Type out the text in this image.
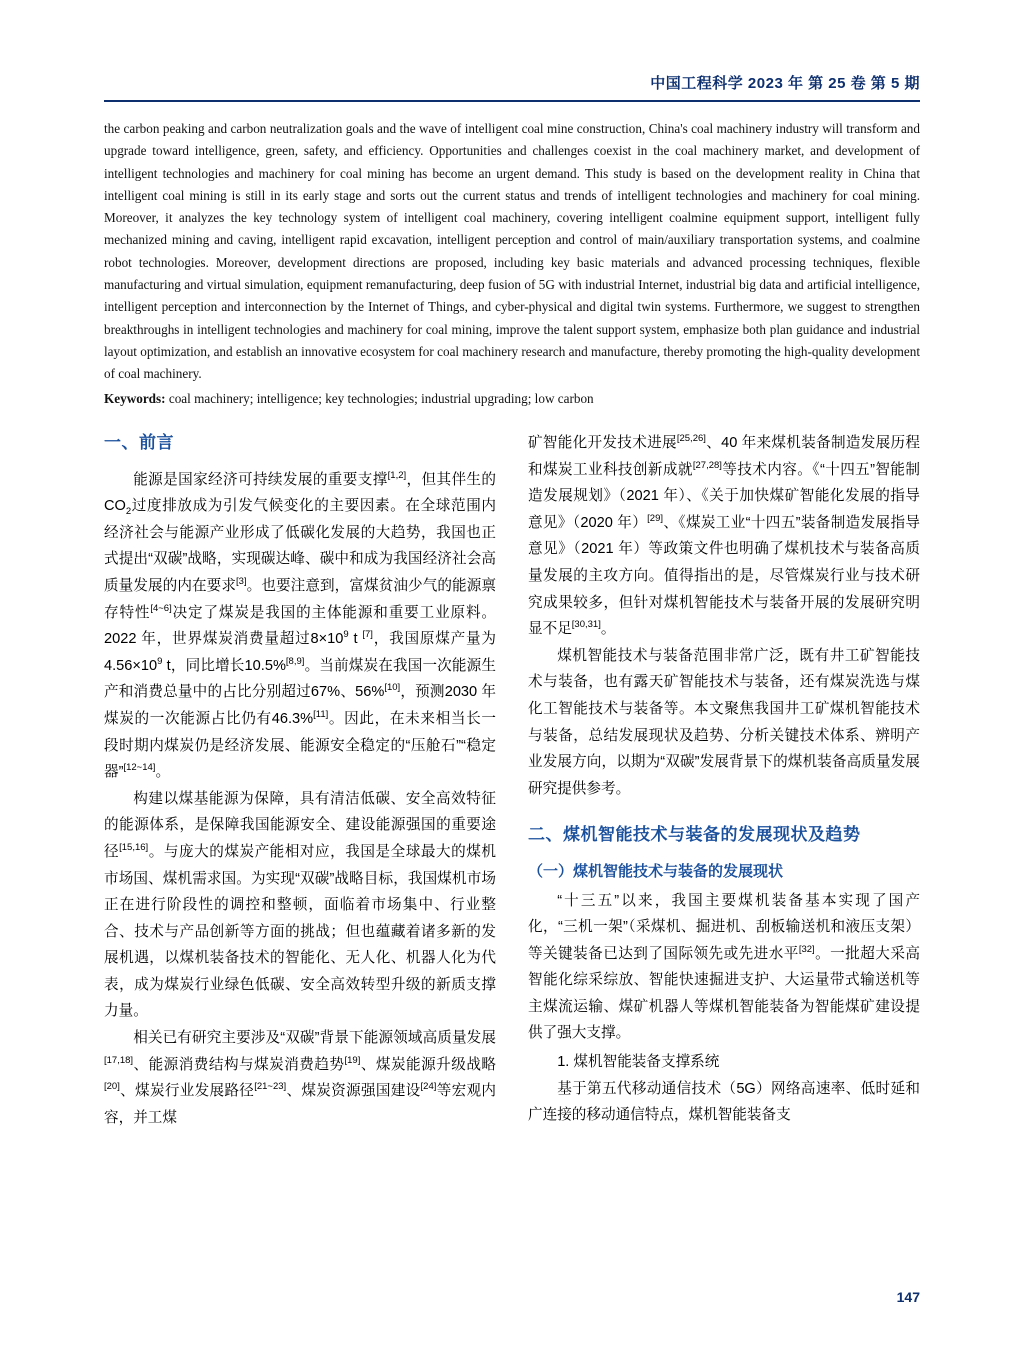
中国工程科学 2023 年 第 25 卷 第 5 期

the carbon peaking and carbon neutralization goals and the wave of intelligent coal mine construction, China's coal machinery industry will transform and upgrade toward intelligence, green, safety, and efficiency. Opportunities and challenges coexist in the coal machinery market, and development of intelligent technologies and machinery for coal mining has become an urgent demand. This study is based on the development reality in China that intelligent coal mining is still in its early stage and sorts out the current status and trends of intelligent technologies and machinery for coal mining. Moreover, it analyzes the key technology system of intelligent coal machinery, covering intelligent coalmine equipment support, intelligent fully mechanized mining and caving, intelligent rapid excavation, intelligent perception and control of main/auxiliary transportation systems, and coalmine robot technologies. Moreover, development directions are proposed, including key basic materials and advanced processing techniques, flexible manufacturing and virtual simulation, equipment remanufacturing, deep fusion of 5G with industrial Internet, industrial big data and artificial intelligence, intelligent perception and interconnection by the Internet of Things, and cyber-physical and digital twin systems. Furthermore, we suggest to strengthen breakthroughs in intelligent technologies and machinery for coal mining, improve the talent support system, emphasize both plan guidance and industrial layout optimization, and establish an innovative ecosystem for coal machinery research and manufacture, thereby promoting the high-quality development of coal machinery.

Keywords: coal machinery; intelligence; key technologies; industrial upgrading; low carbon

一、前言

能源是国家经济可持续发展的重要支撑[1,2]，但其伴生的$CO_2$过度排放成为引发气候变化的主要因素。在全球范围内经济社会与能源产业形成了低碳化发展的大趋势，我国也正式提出“双碳”战略，实现碳达峰、碳中和成为我国经济社会高质量发展的内在要求[3]。也要注意到，富煤贫油少气的能源禀存特性[4~6]决定了煤炭是我国的主体能源和重要工业原料。2022 年，世界煤炭消费量超过$8\times 10^9$ t [7]，我国原煤产量为$4.56\times 10^9$ t，同比增长10.5%[8,9]。当前煤炭在我国一次能源生产和消费总量中的占比分别超过67%、56%[10]，预测2030 年煤炭的一次能源占比仍有46.3%[11]。因此，在未来相当长一段时期内煤炭仍是经济发展、能源安全稳定的“压舱石”“稳定器”[12~14]。

构建以煤基能源为保障，具有清洁低碳、安全高效特征的能源体系，是保障我国能源安全、建设能源强国的重要途径[15,16]。与庞大的煤炭产能相对应，我国是全球最大的煤机市场国、煤机需求国。为实现“双碳”战略目标，我国煤机市场正在进行阶段性的调控和整顿，面临着市场集中、行业整合、技术与产品创新等方面的挑战；但也蕴藏着诸多新的发展机遇，以煤机装备技术的智能化、无人化、机器人化为代表，成为煤炭行业绿色低碳、安全高效转型升级的新质支撑力量。

相关已有研究主要涉及“双碳”背景下能源领域高质量发展[17,18]、能源消费结构与煤炭消费趋势[19]、煤炭能源升级战略[20]、煤炭行业发展路径[21~23]、煤炭资源强国建设[24]等宏观内容，并工煤

矿智能化开发技术进展[25,26]、40 年来煤机装备制造发展历程和煤炭工业科技创新成就[27,28]等技术内容。《“十四五”智能制造发展规划》（2021 年）、《关于加快煤矿智能化发展的指导意见》（2020 年）[29]、《煤炭工业“十四五”装备制造发展指导意见》（2021 年）等政策文件也明确了煤机技术与装备高质量发展的主攻方向。值得指出的是，尽管煤炭行业与技术研究成果较多，但针对煤机智能技术与装备开展的发展研究明显不足[30,31]。

煤机智能技术与装备范围非常广泛，既有井工矿智能技术与装备，也有露天矿智能技术与装备，还有煤炭洗选与煤化工智能技术与装备等。本文聚焦我国井工矿煤机智能技术与装备，总结发展现状及趋势、分析关键技术体系、辨明产业发展方向，以期为“双碳”发展背景下的煤机装备高质量发展研究提供参考。

二、煤机智能技术与装备的发展现状及趋势
（一）煤机智能技术与装备的发展现状

“十三五”以来，我国主要煤机装备基本实现了国产化，“三机一架”（采煤机、掘进机、刮板输送机和液压支架）等关键装备已达到了国际领先或先进水平[32]。一批超大采高智能化综采综放、智能快速掘进支护、大运量带式输送机等主煤流运输、煤矿机器人等煤机智能装备为智能煤矿建设提供了强大支撑。

1. 煤机智能装备支撑系统

基于第五代移动通信技术（5G）网络高速率、低时延和广连接的移动通信特点，煤机智能装备支

147
